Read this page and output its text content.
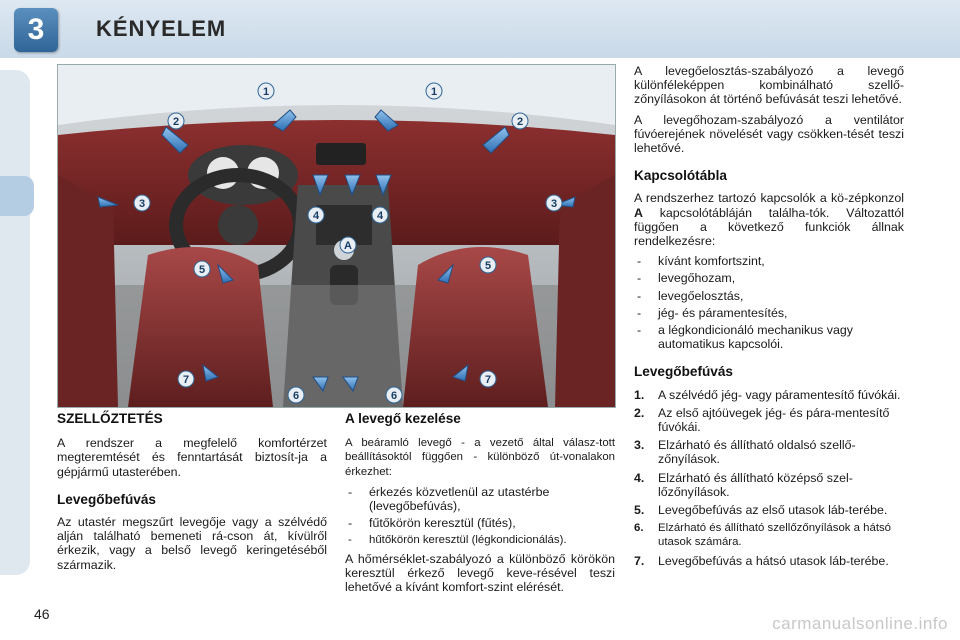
3	KÉNYELEM
1	1
2	2
3	3
4	4
A
5	5
6	6
7	7
SZELLŐZTETÉS

A rendszer a megfelelő komfortérzet megteremtését és fenntartását biztosít-ja a gépjármű utasterében.

Levegőbefúvás

Az utastér megszűrt levegője vagy a szélvédő alján található bemeneti rá-cson át, kívülről érkezik, vagy a belső levegő keringetéséből származik.

A levegő kezelése

A beáramló levegő - a vezető által válasz-tott beállításoktól függően - különböző út-vonalakon érkezhet:

- érkezés közvetlenül az utastérbe (levegőbefúvás),
- fűtőkörön keresztül (fűtés),
- hűtőkörön keresztül (légkondicionálás).

A hőmérséklet-szabályozó a különböző körökön keresztül érkező levegő keve-résével teszi lehetővé a kívánt komfort-szint elérését.

A levegőelosztás-szabályozó a levegő különféleképpen kombinálható szellő-zőnyílásokon át történő befúvását teszi lehetővé.

A levegőhozam-szabályozó a ventilátor fúvóerejének növelését vagy csökken-tését teszi lehetővé.

Kapcsolótábla

A rendszerhez tartozó kapcsolók a kö-zépkonzol A kapcsolótábláján találha-tók. Változattól függően a következő funkciók állnak rendelkezésre:

- kívánt komfortszint,
- levegőhozam,
- levegőelosztás,
- jég- és páramentesítés,
- a légkondicionáló mechanikus vagy automatikus kapcsolói.
Levegőbefúvás
1. A szélvédő jég- vagy páramentesítő fúvókái.
2. Az első ajtóüvegek jég- és pára-mentesítő fúvókái.
3. Elzárható és állítható oldalsó szellő-zőnyílások.
4. Elzárható és állítható középső szel-lőzőnyílások.
5. Levegőbefúvás az első utasok láb-terébe.
6. Elzárható és állítható szellőzőnyílások a hátsó utasok számára.
7. Levegőbefúvás a hátsó utasok láb-terébe.
46	carmanualsonline.info
